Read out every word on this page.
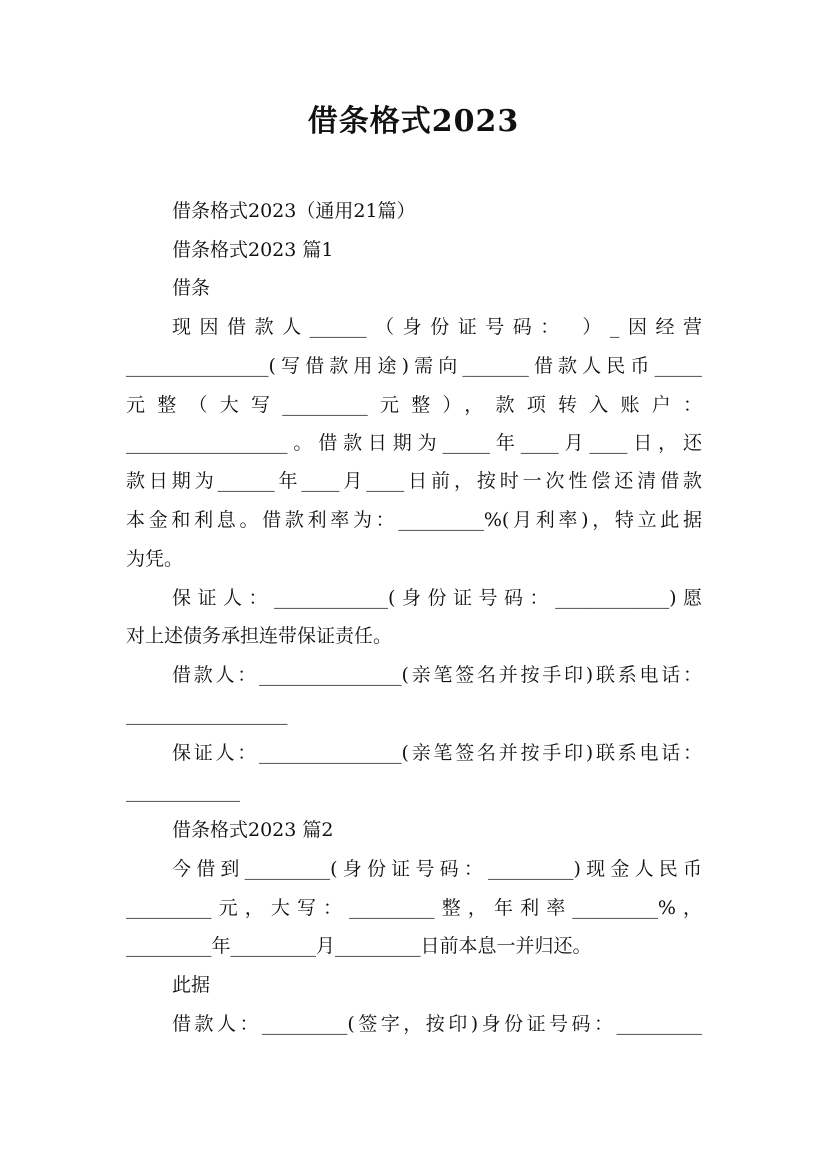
借条格式2023
借条格式2023（通用21篇）
借条格式2023 篇1
借条
现因借款人______（身份证号码： ）_因经营
_______________(写借款用途)需向_______借款人民币_____
元整（大写_________元整），款项转入账户：
_________________。借款日期为_____年____月____日，还
款日期为______年____月____日前，按时一次性偿还清借款
本金和利息。借款利率为：_________%(月利率)，特立此据
为凭。
保证人：____________(身份证号码：____________)愿
对上述债务承担连带保证责任。
借款人：_______________(亲笔签名并按手印)联系电话：
_________________
保证人：_______________(亲笔签名并按手印)联系电话：
____________
借条格式2023 篇2
今借到_________(身份证号码：_________)现金人民币
_________元，大写：_________整，年利率_________%，
_________年_________月_________日前本息一并归还。
此据
借款人：_________(签字，按印)身份证号码：_________
